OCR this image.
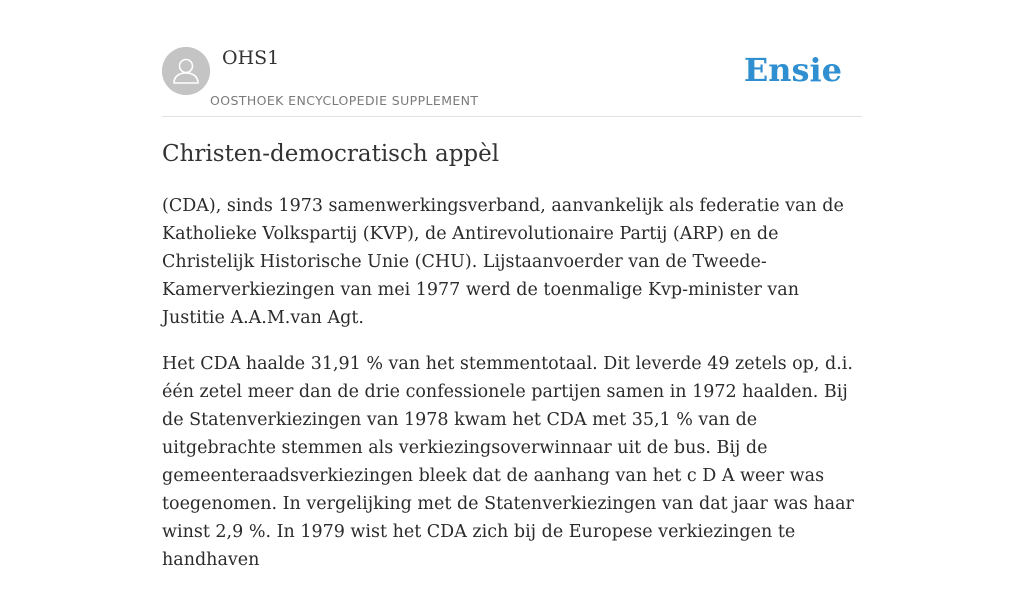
OHS1
OOSTHOEK ENCYCLOPEDIE SUPPLEMENT
Ensie
Christen-democratisch appèl

(CDA), sinds 1973 samenwerkingsverband, aanvankelijk als federatie van de Katholieke Volkspartij (KVP), de Antirevolutionaire Partij (ARP) en de Christelijk Historische Unie (CHU). Lijstaanvoerder van de Tweede-Kamerverkiezingen van mei 1977 werd de toenmalige Kvp-minister van Justitie A.A.M.van Agt.

Het CDA haalde 31,91 % van het stemmentotaal. Dit leverde 49 zetels op, d.i. één zetel meer dan de drie confessionele partijen samen in 1972 haalden. Bij de Statenverkiezingen van 1978 kwam het CDA met 35,1 % van de uitgebrachte stemmen als verkiezingsoverwinnaar uit de bus. Bij de gemeenteraadsverkiezingen bleek dat de aanhang van het c D A weer was toegenomen. In vergelijking met de Statenverkiezingen van dat jaar was haar winst 2,9 %. In 1979 wist het CDA zich bij de Europese verkiezingen te handhaven
